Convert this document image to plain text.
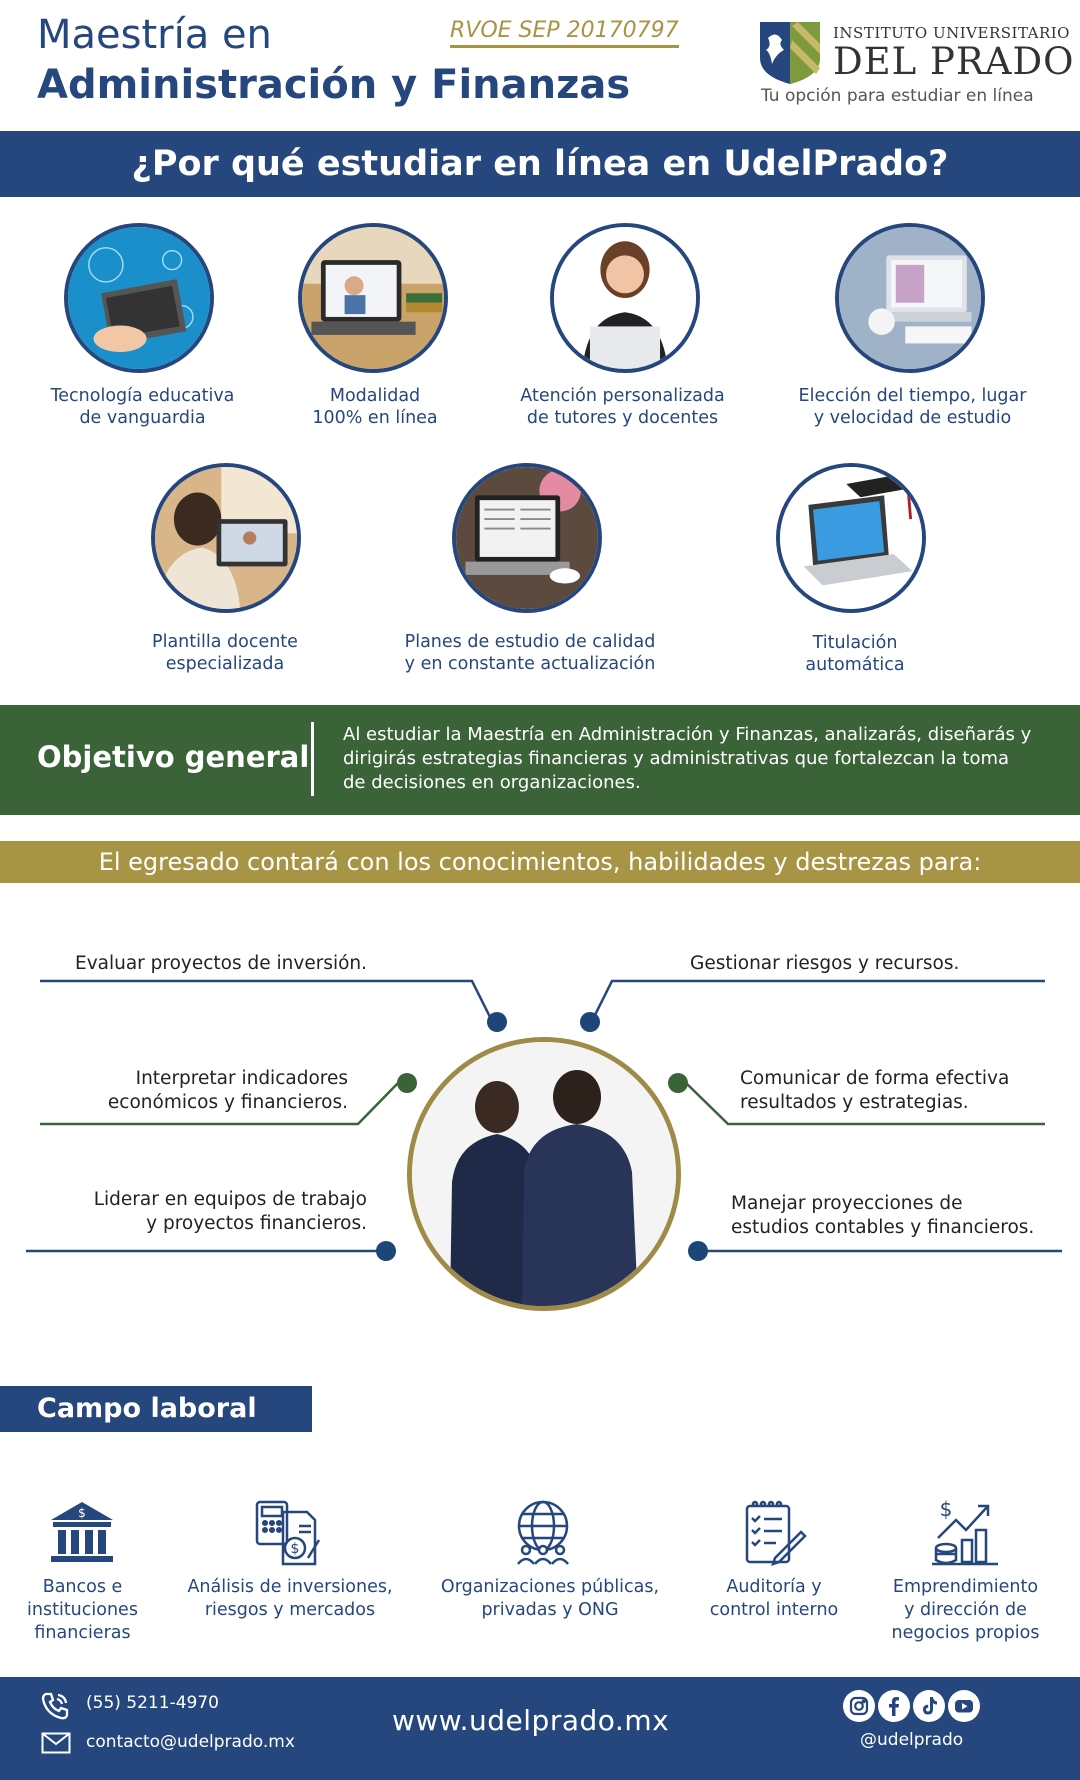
Maestría en
Administración y Finanzas
RVOE SEP 20170797	INSTITUTO UNIVERSITARIO
DEL PRADO
Tu opción para estudiar en línea
¿Por qué estudiar en línea en UdelPrado?
Tecnología educativa
de vanguardia
Modalidad
100% en línea
Atención personalizada
de tutores y docentes
Elección del tiempo, lugar
y velocidad de estudio
Plantilla docente
especializada
Planes de estudio de calidad
y en constante actualización
Titulación
automática
Objetivo general
Al estudiar la Maestría en Administración y Finanzas, analizarás, diseñarás y dirigirás estrategias financieras y administrativas que fortalezcan la toma de decisiones en organizaciones.
El egresado contará con los conocimientos, habilidades y destrezas para:
Evaluar proyectos de inversión.	Gestionar riesgos y recursos.
Interpretar indicadores
económicos y financieros.
Comunicar de forma efectiva
resultados y estrategias.
Liderar en equipos de trabajo
y proyectos financieros.
Manejar proyecciones de
estudios contables y financieros.
Campo laboral
$
$
$
Bancos e
instituciones
financieras
Análisis de inversiones,
riesgos y mercados
Organizaciones públicas,
privadas y ONG
Auditoría y
control interno
Emprendimiento
y dirección de
negocios propios
(55) 5211-4970
contacto@udelprado.mx
www.udelprado.mx
@udelprado
